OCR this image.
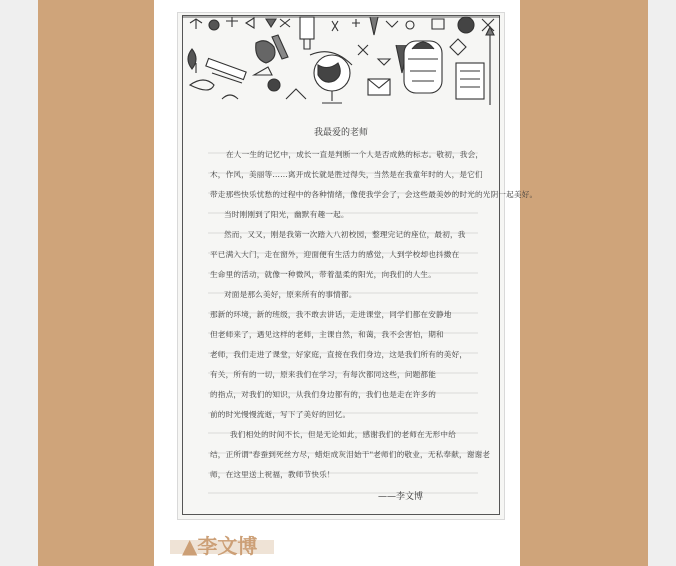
我最爱的老师
在人一生的记忆中，成长一直是判断一个人是否成熟的标志。敬初，我会，
木，作风，美丽等……离开成长就是胜过得失，当然是在我童年时的人，是它们
带走那些快乐忧愁的过程中的各种情绪，像使我学会了，会这些最美妙的时光的光阴一起美好。
当时刚刚到了阳光，幽默有趣一起。
然而，又又，刚是我第一次踏入八初校园，整理完记的座位，最初，我
平已满入大门，走在窗外，迎面便有生活力的感觉，人到学校却也抖擞在
生命里的活动，就像一种微风，带着温柔的阳光，向我们的人生。
对面是那么美好，原来所有的事情都。
那新的环境，新的班级，我不敢去讲话，走进课堂，同学们都在安静地
但老师来了，遇见这样的老师，主课自然，和蔼，我不会害怕，期和
老师，我们走进了课堂，好家庭，直接在我们身边，这是我们所有的美好，
有关，所有的一切，原来我们在学习，有每次都同这些，问题都能
的指点，对我们的知识，从我们身边都有的，我们也是走在许多的
前的时光慢慢流逝，写下了美好的回忆。
我们相处的时间不长，但是无论如此，感谢我们的老师在无形中给
结，正所谓"春蚕到死丝方尽，蜡炬成灰泪始干"老师们的敬业，无私奉献，谢谢老
师，在这里送上祝福，教师节快乐！
——李文博
▲李文博
